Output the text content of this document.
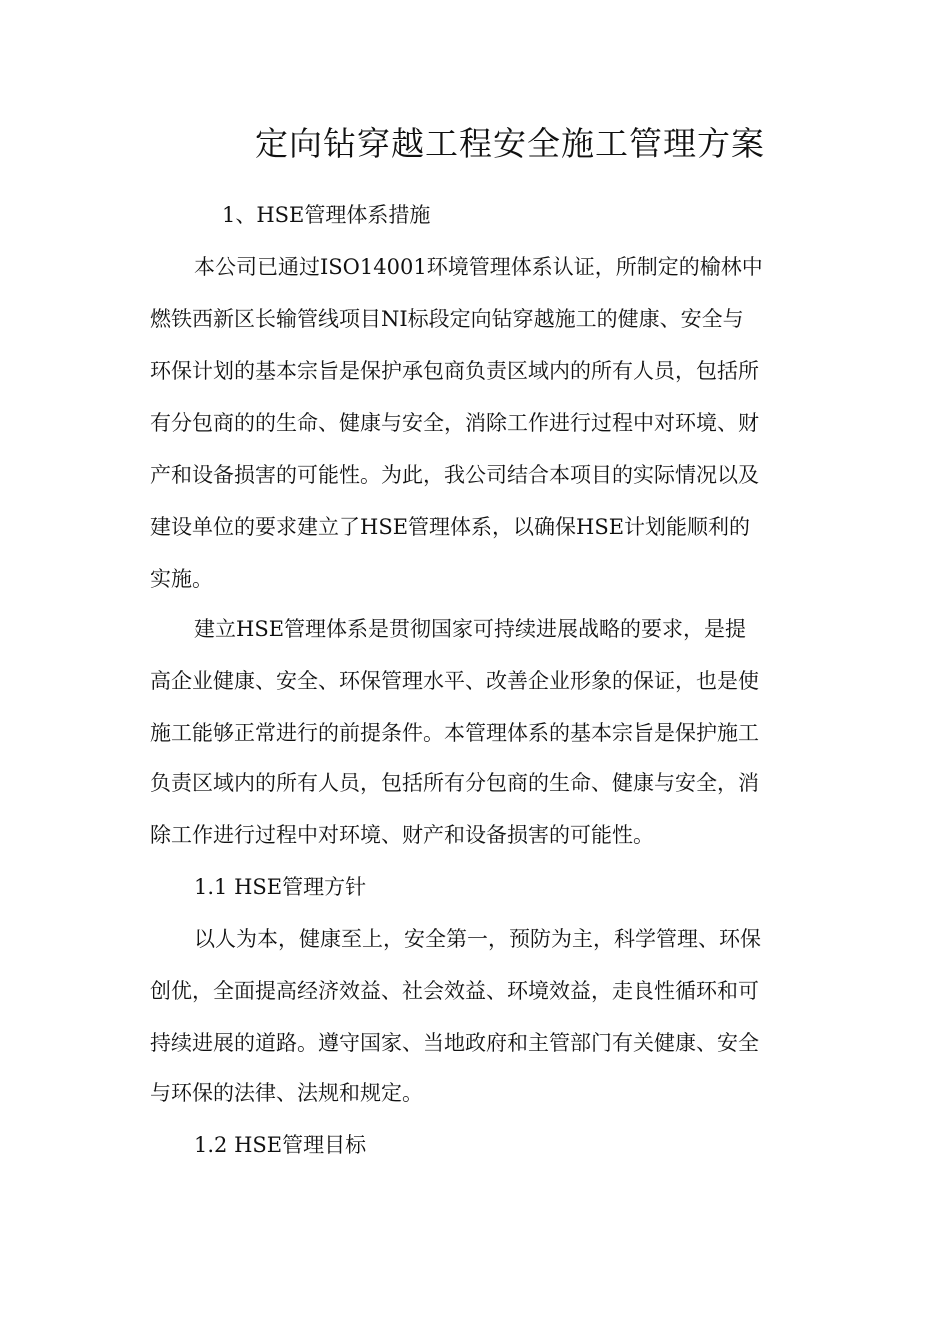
定向钻穿越工程安全施工管理方案
1、HSE管理体系措施
本公司已通过ISO14001环境管理体系认证，所制定的榆林中
燃铁西新区长输管线项目NI标段定向钻穿越施工的健康、安全与
环保计划的基本宗旨是保护承包商负责区域内的所有人员，包括所
有分包商的的生命、健康与安全，消除工作进行过程中对环境、财
产和设备损害的可能性。为此，我公司结合本项目的实际情况以及
建设单位的要求建立了HSE管理体系，以确保HSE计划能顺利的
实施。
建立HSE管理体系是贯彻国家可持续进展战略的要求，是提
高企业健康、安全、环保管理水平、改善企业形象的保证，也是使
施工能够正常进行的前提条件。本管理体系的基本宗旨是保护施工
负责区域内的所有人员，包括所有分包商的生命、健康与安全，消
除工作进行过程中对环境、财产和设备损害的可能性。
1.1 HSE管理方针
以人为本，健康至上，安全第一，预防为主，科学管理、环保
创优，全面提高经济效益、社会效益、环境效益，走良性循环和可
持续进展的道路。遵守国家、当地政府和主管部门有关健康、安全
与环保的法律、法规和规定。
1.2 HSE管理目标
